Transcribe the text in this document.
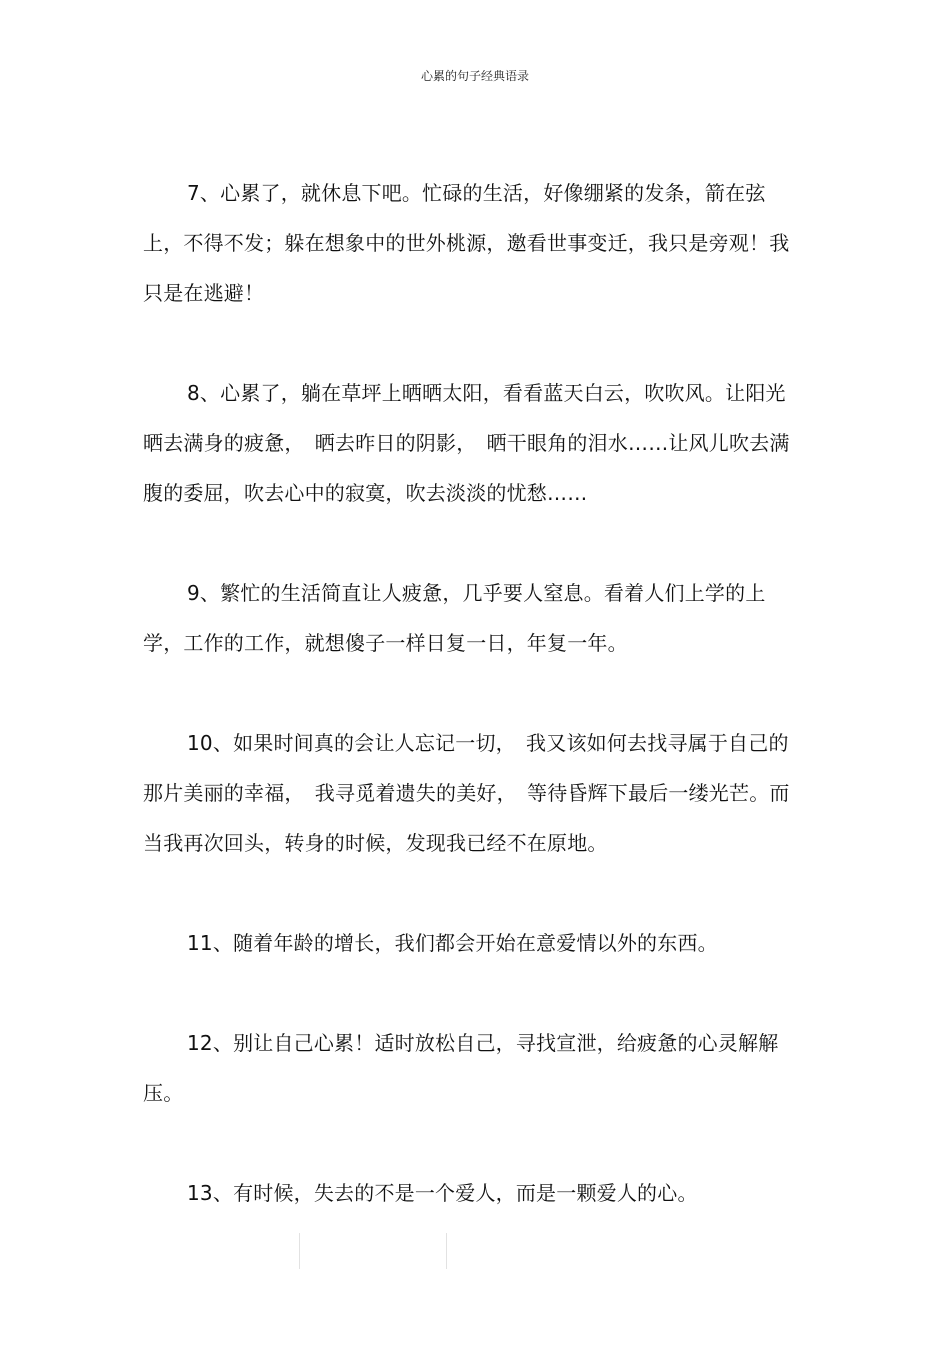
心累的句子经典语录

7、心累了，就休息下吧。忙碌的生活，好像绷紧的发条，箭在弦上，不得不发；躲在想象中的世外桃源，邀看世事变迁，我只是旁观！我只是在逃避！

8、心累了，躺在草坪上晒晒太阳，看看蓝天白云，吹吹风。让阳光晒去满身的疲惫，　晒去昨日的阴影，　晒干眼角的泪水……让风儿吹去满腹的委屈，吹去心中的寂寞，吹去淡淡的忧愁……

9、繁忙的生活简直让人疲惫，几乎要人窒息。看着人们上学的上学，工作的工作，就想傻子一样日复一日，年复一年。

10、如果时间真的会让人忘记一切，　我又该如何去找寻属于自己的那片美丽的幸福，　我寻觅着遗失的美好，　等待昏辉下最后一缕光芒。而当我再次回头，转身的时候，发现我已经不在原地。

11、随着年龄的增长，我们都会开始在意爱情以外的东西。

12、别让自己心累！适时放松自己，寻找宣泄，给疲惫的心灵解解压。

13、有时候，失去的不是一个爱人，而是一颗爱人的心。
